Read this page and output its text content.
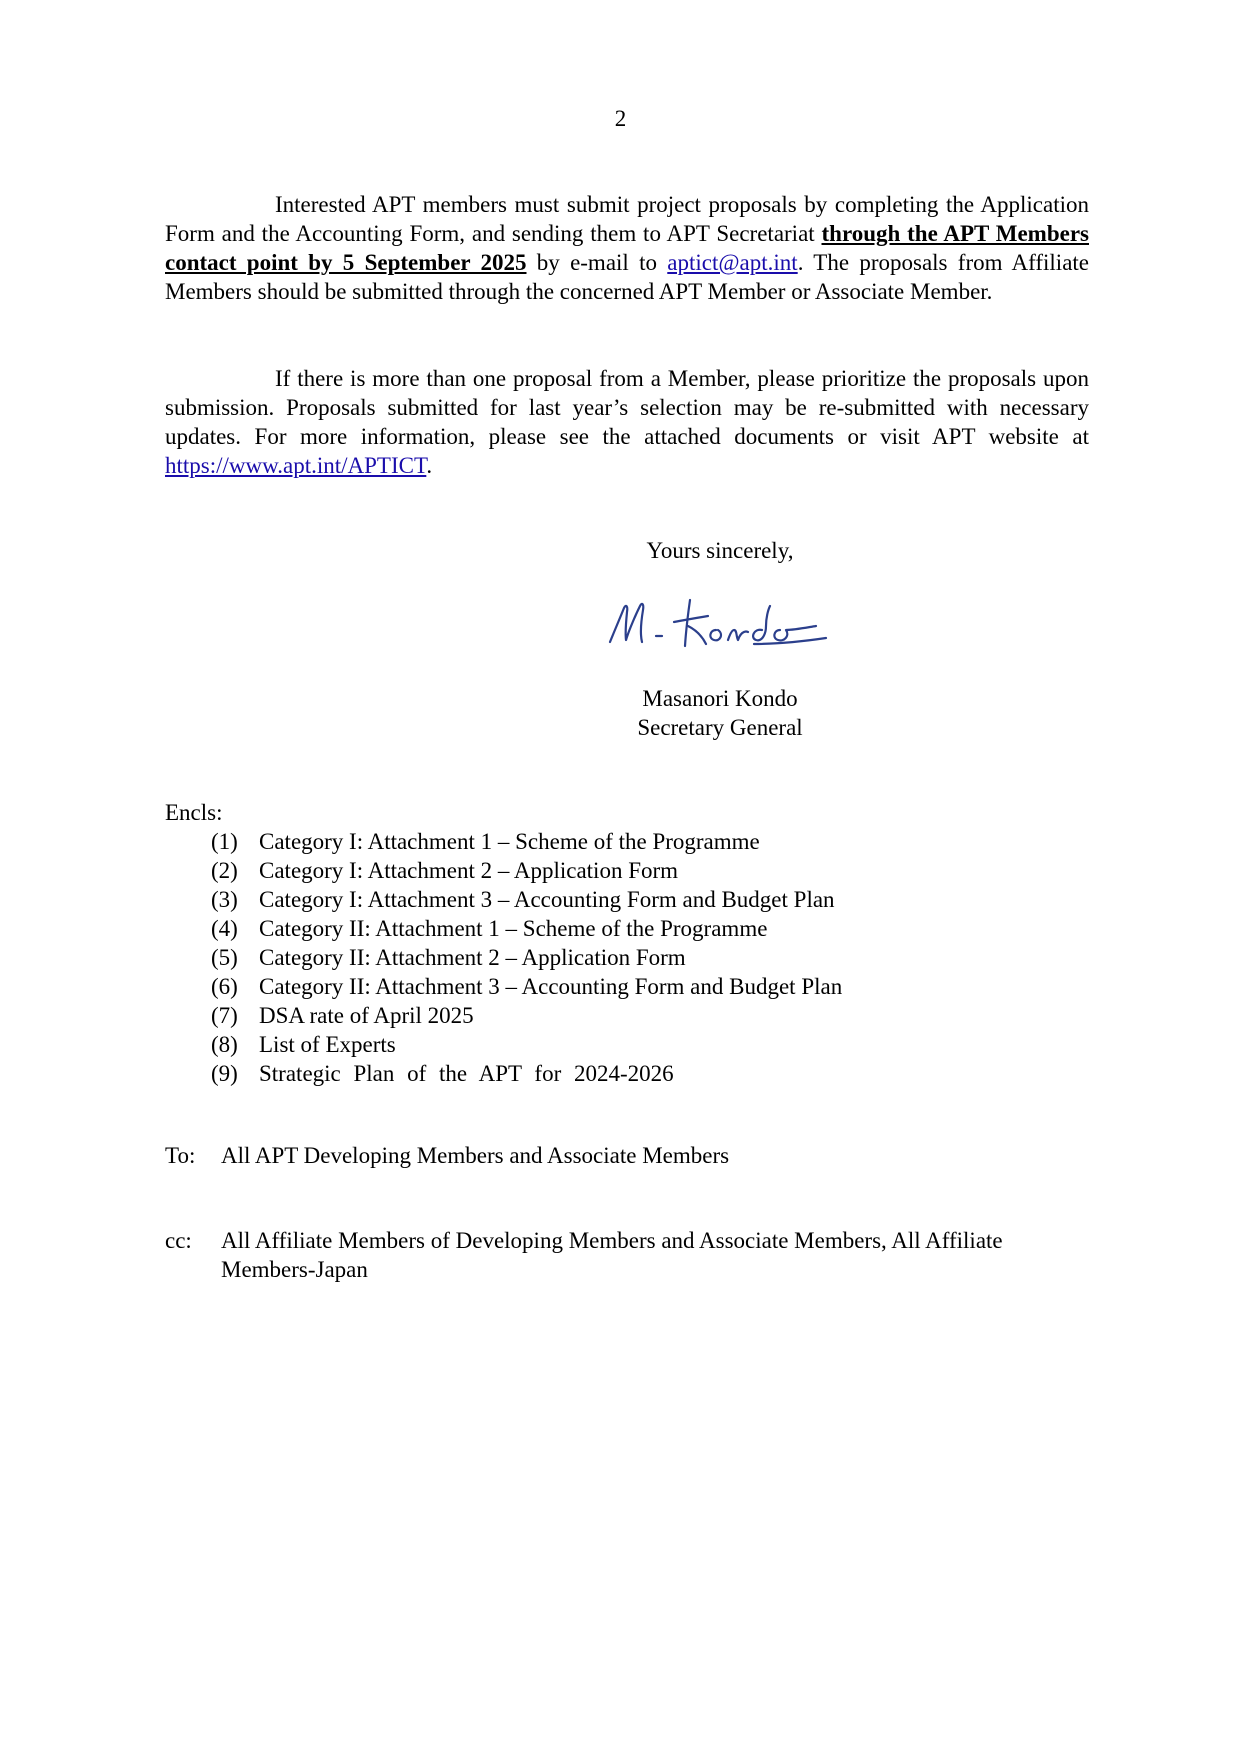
2

Interested APT members must submit project proposals by completing the Application Form and the Accounting Form, and sending them to APT Secretariat through the APT Members contact point by 5 September 2025 by e-mail to aptict@apt.int. The proposals from Affiliate Members should be submitted through the concerned APT Member or Associate Member.

If there is more than one proposal from a Member, please prioritize the proposals upon submission. Proposals submitted for last year’s selection may be re-submitted with necessary updates. For more information, please see the attached documents or visit APT website at https://www.apt.int/APTICT.

Yours sincerely,
Masanori Kondo
Secretary General
Encls:
(1) Category I: Attachment 1 – Scheme of the Programme
(2) Category I: Attachment 2 – Application Form
(3) Category I: Attachment 3 – Accounting Form and Budget Plan
(4) Category II: Attachment 1 – Scheme of the Programme
(5) Category II: Attachment 2 – Application Form
(6) Category II: Attachment 3 – Accounting Form and Budget Plan
(7) DSA rate of April 2025
(8) List of Experts
(9) Strategic Plan of the APT for 2024-2026
To: All APT Developing Members and Associate Members
cc: All Affiliate Members of Developing Members and Associate Members, All Affiliate Members-Japan
